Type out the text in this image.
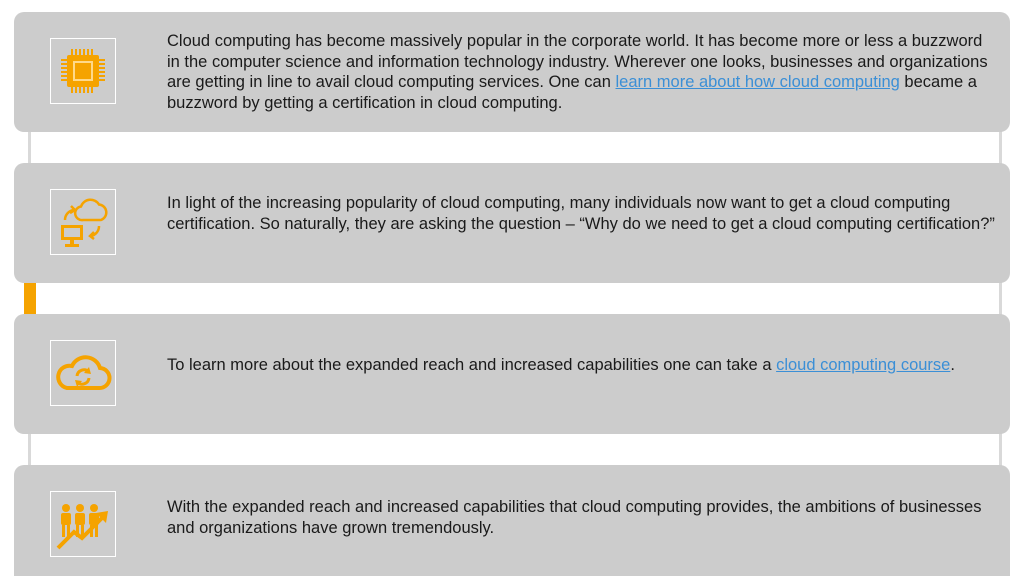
Cloud computing has become massively popular in the corporate world. It has become more or less a buzzword in the computer science and information technology industry. Wherever one looks, businesses and organizations are getting in line to avail cloud computing services. One can learn more about how cloud computing became a buzzword by getting a certification in cloud computing.
In light of the increasing popularity of cloud computing, many individuals now want to get a cloud computing certification. So naturally, they are asking the question – “Why do we need to get a cloud computing certification?”
To learn more about the expanded reach and increased capabilities one can take a cloud computing course.
With the expanded reach and increased capabilities that cloud computing provides, the ambitions of businesses and organizations have grown tremendously.
